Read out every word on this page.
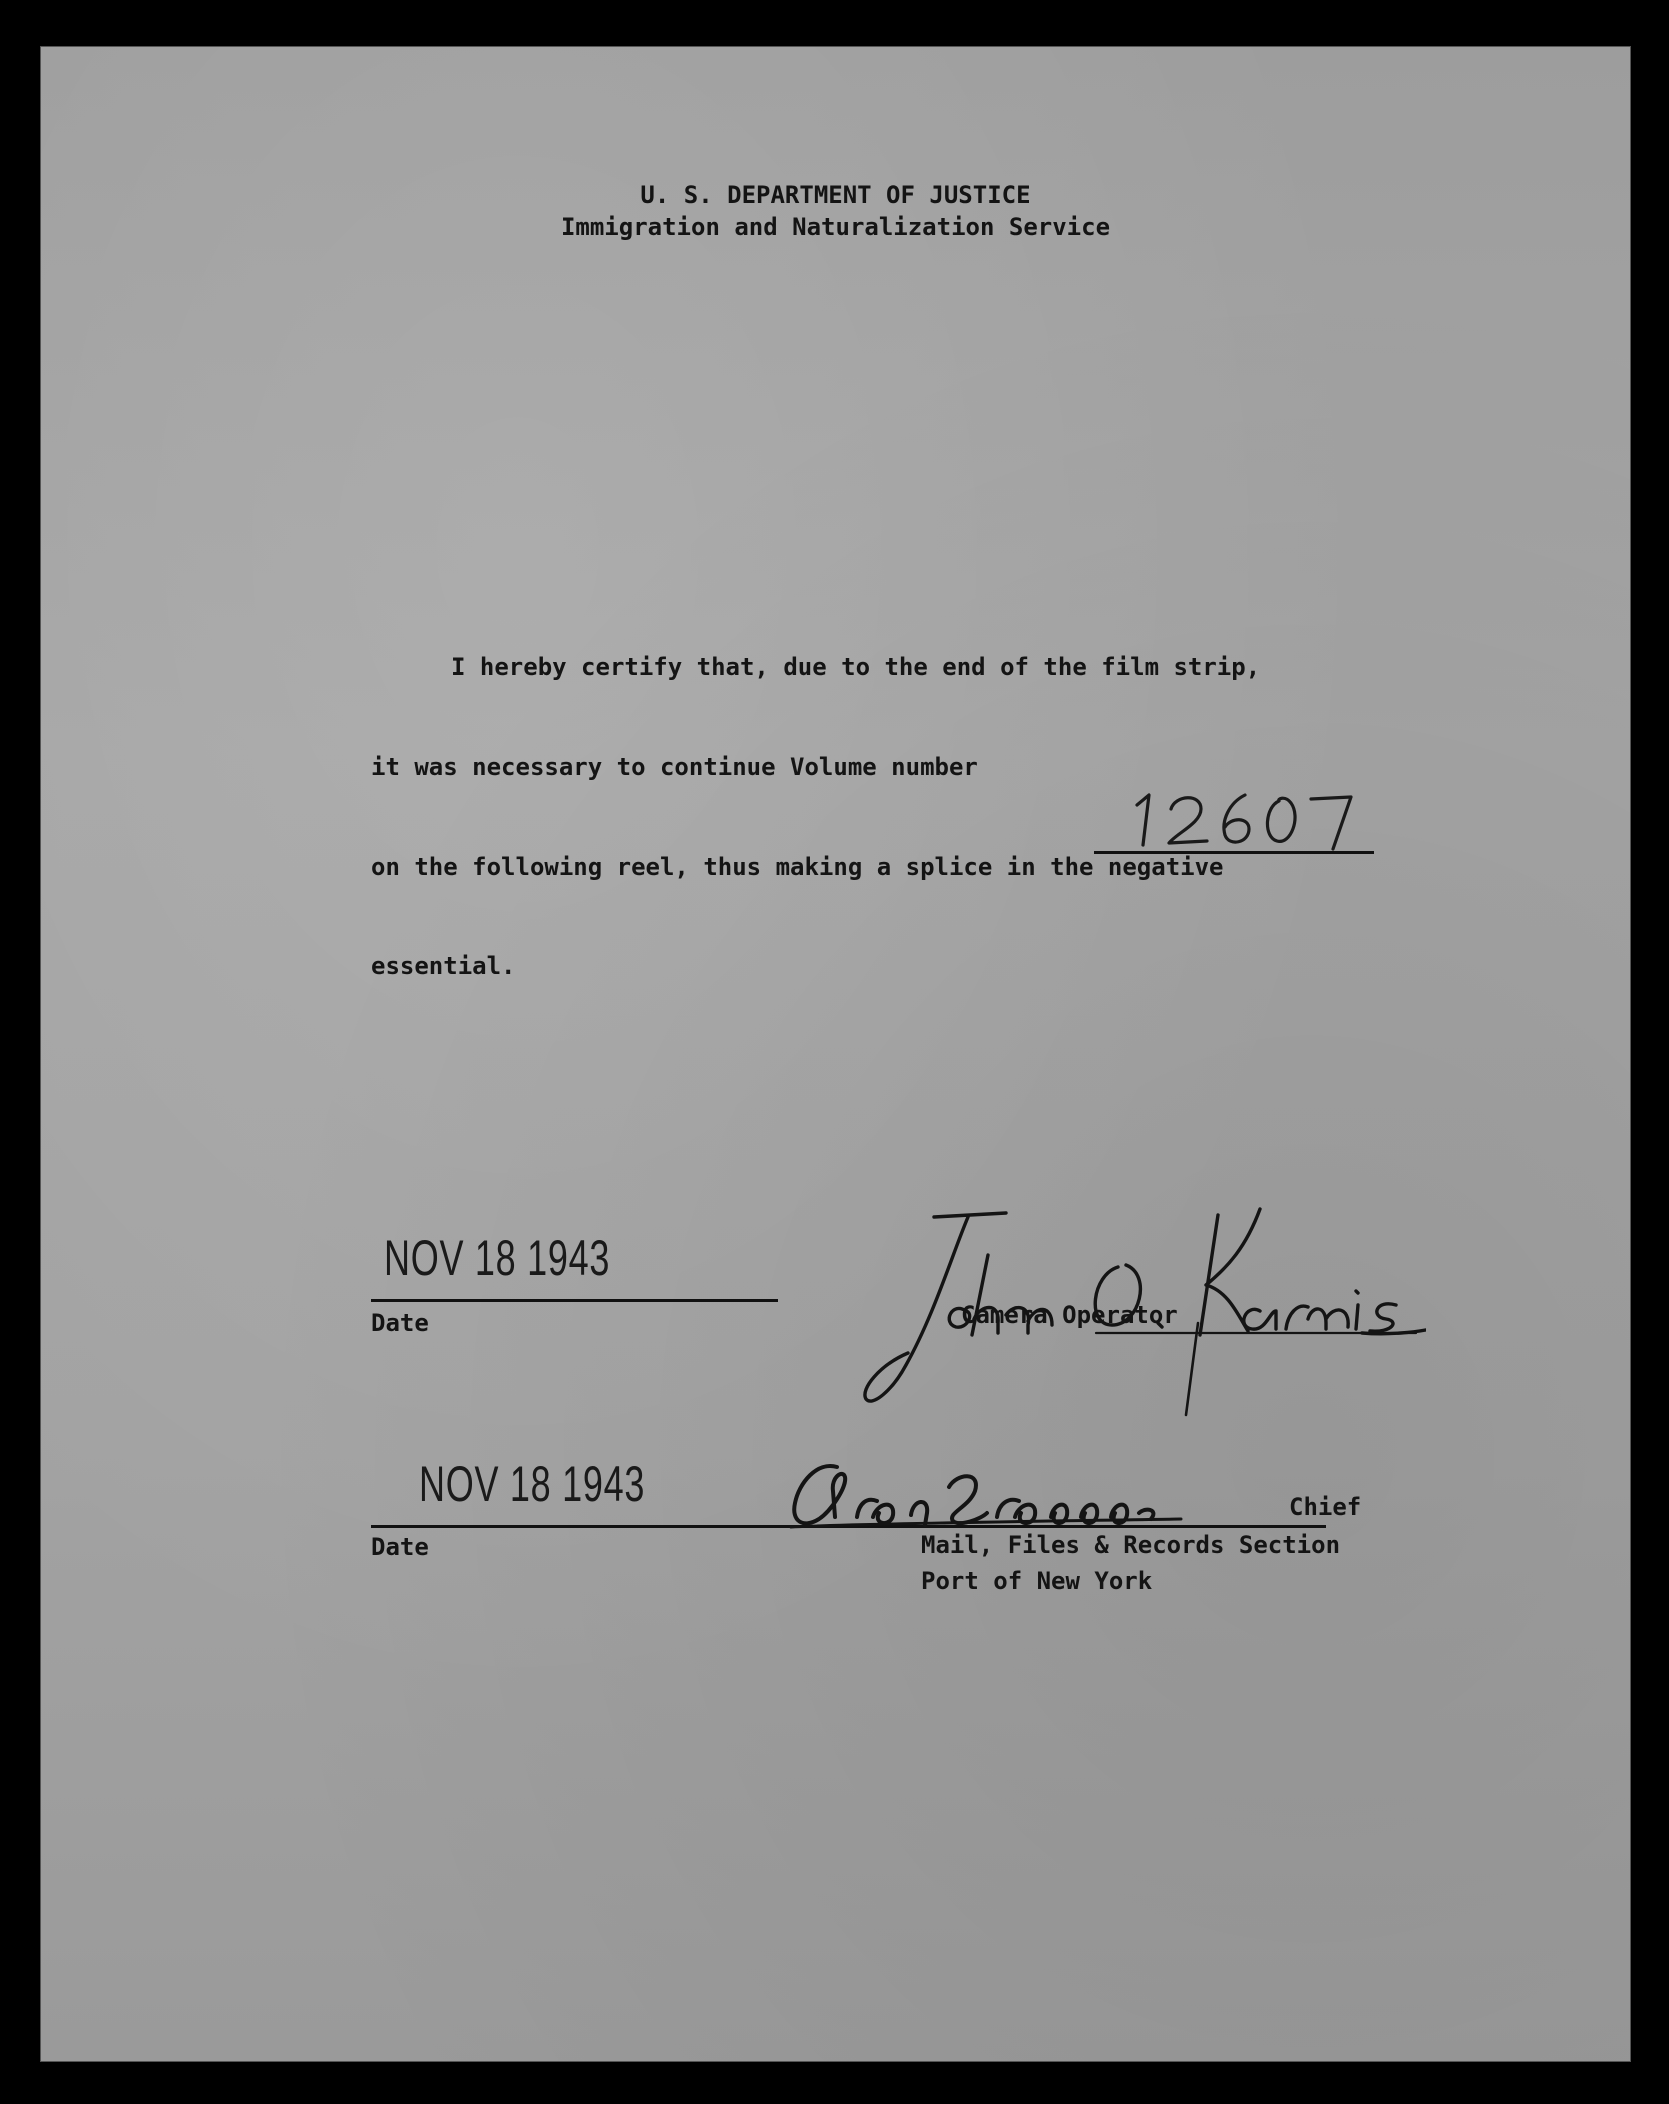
U. S. DEPARTMENT OF JUSTICE
Immigration and Naturalization Service
I hereby certify that, due to the end of the film strip,
it was necessary to continue Volume number
on the following reel, thus making a splice in the negative
essential.
NOV 18 1943
Date	Camera Operator
NOV 18 1943
Date
Chief
Mail, Files & Records Section
Port of New York
